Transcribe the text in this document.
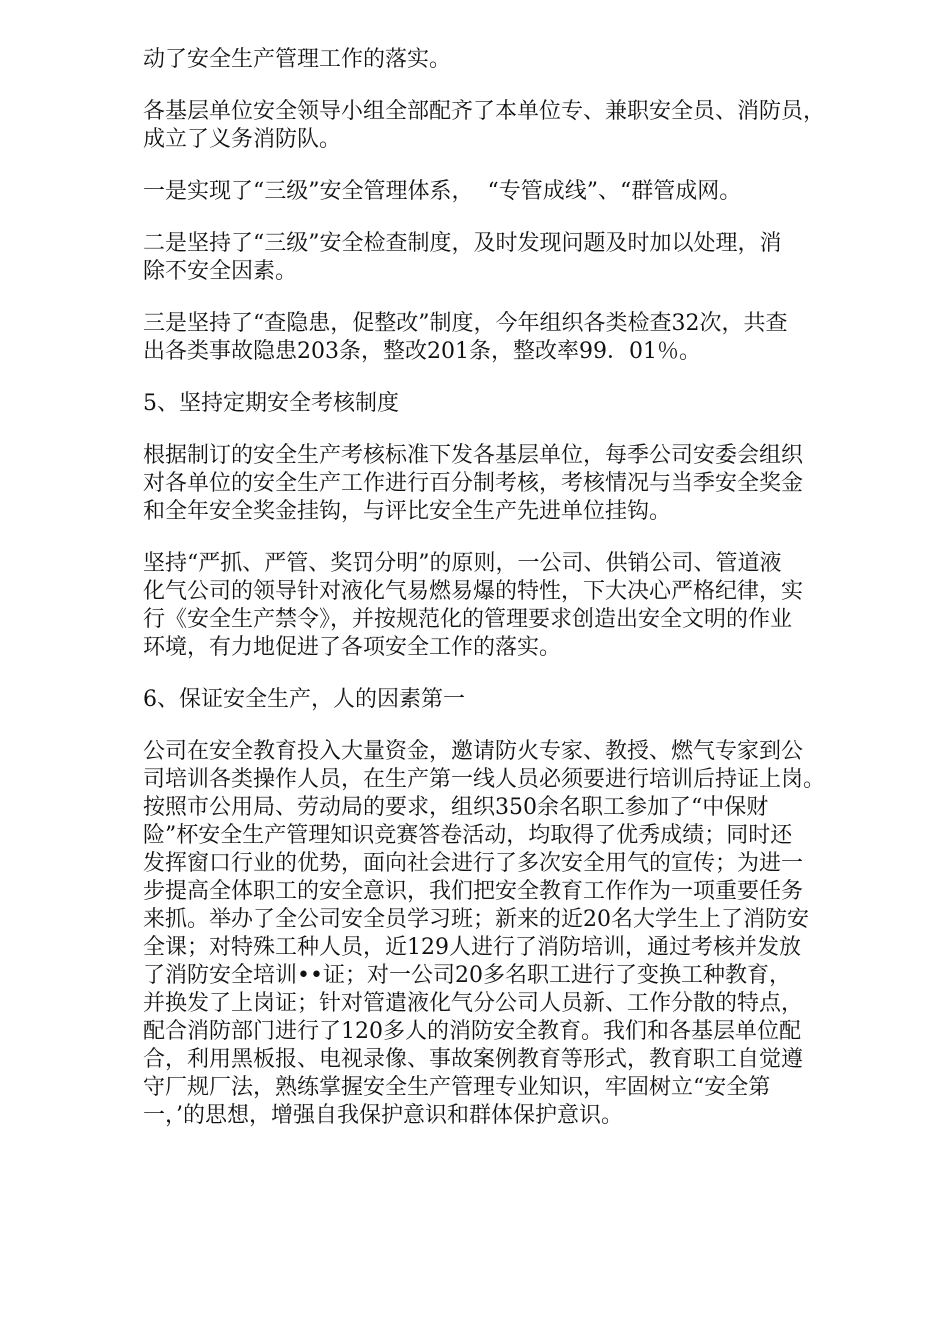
动了安全生产管理工作的落实。

各基层单位安全领导小组全部配齐了本单位专、兼职安全员、消防员，
成立了义务消防队。

一是实现了“三级”安全管理体系，  “专管成线”、“群管成网。

二是坚持了“三级”安全检查制度，及时发现问题及时加以处理，消
除不安全因素。

三是坚持了“查隐患，促整改”制度，今年组织各类检查32次，共查
出各类事故隐患203条，整改201条，整改率99．01％。

5、坚持定期安全考核制度

根据制订的安全生产考核标准下发各基层单位，每季公司安委会组织
对各单位的安全生产工作进行百分制考核，考核情况与当季安全奖金
和全年安全奖金挂钩，与评比安全生产先进单位挂钩。

坚持“严抓、严管、奖罚分明”的原则，一公司、供销公司、管道液
化气公司的领导针对液化气易燃易爆的特性，下大决心严格纪律，实
行《安全生产禁令》，并按规范化的管理要求创造出安全文明的作业
环境，有力地促进了各项安全工作的落实。

6、保证安全生产，人的因素第一

公司在安全教育投入大量资金，邀请防火专家、教授、燃气专家到公
司培训各类操作人员，在生产第一线人员必须要进行培训后持证上岗。
按照市公用局、劳动局的要求，组织350余名职工参加了“中保财
险”杯安全生产管理知识竞赛答卷活动，均取得了优秀成绩；同时还
发挥窗口行业的优势，面向社会进行了多次安全用气的宣传；为进一
步提高全体职工的安全意识，我们把安全教育工作作为一项重要任务
来抓。举办了全公司安全员学习班；新来的近20名大学生上了消防安
全课；对特殊工种人员，近129人进行了消防培训，通过考核并发放
了消防安全培训••证；对一公司20多名职工进行了变换工种教育，
并换发了上岗证；针对管遣液化气分公司人员新、工作分散的特点，
配合消防部门进行了120多人的消防安全教育。我们和各基层单位配
合，利用黑板报、电视录像、事故案例教育等形式，教育职工自觉遵
守厂规厂法，熟练掌握安全生产管理专业知识，牢固树立“安全第
一，’的思想，增强自我保护意识和群体保护意识。
